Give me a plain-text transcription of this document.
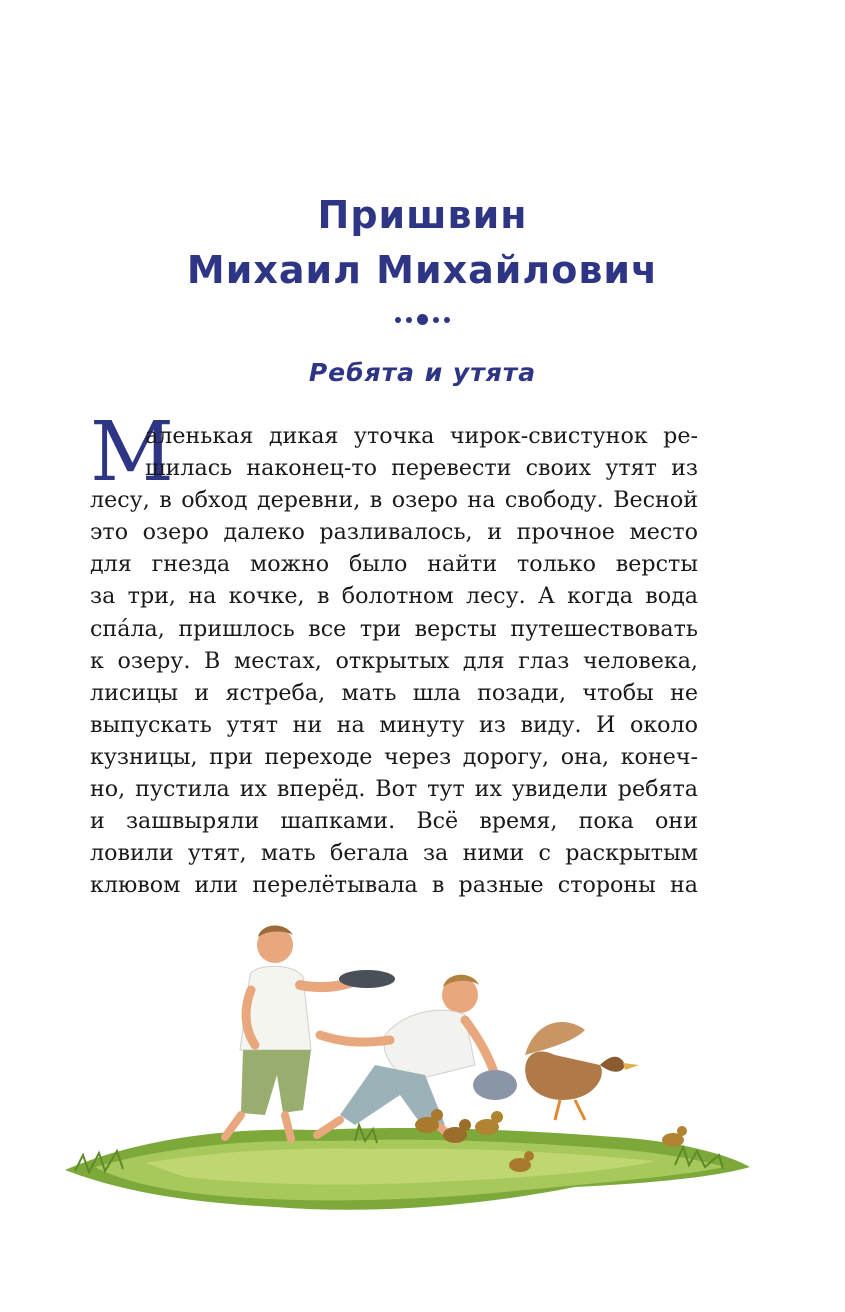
Пришвин
Михаил Михайлович
Ребята и утята
М
аленькая дикая уточка чирок-свистунок ре-
шилась наконец-то перевести своих утят из
лесу, в обход деревни, в озеро на свободу. Весной
это озеро далеко разливалось, и прочное место
для гнезда можно было найти только версты
за три, на кочке, в болотном лесу. А когда вода
спáла, пришлось все три версты путешествовать
к озеру. В местах, открытых для глаз человека,
лисицы и ястреба, мать шла позади, чтобы не
выпускать утят ни на минуту из виду. И около
кузницы, при переходе через дорогу, она, конеч-
но, пустила их вперёд. Вот тут их увидели ребята
и зашвыряли шапками. Всё время, пока они
ловили утят, мать бегала за ними с раскрытым
клювом или перелётывала в разные стороны на
